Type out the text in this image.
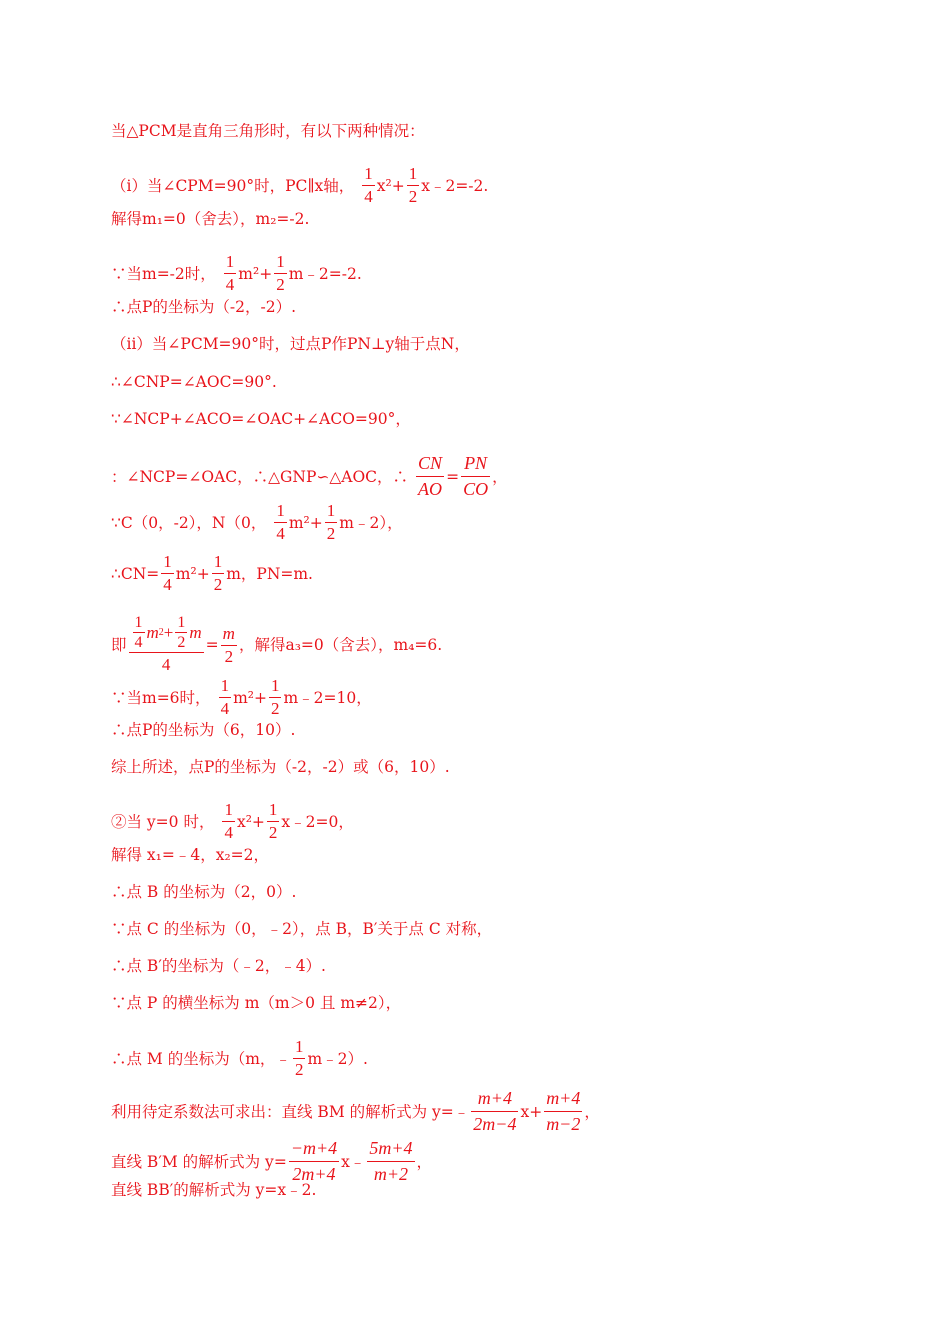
当△PCM是直角三角形时，有以下两种情况：
（i）当∠CPM=90°时，PC∥x轴， $\frac{1}{4} x^2+ \frac{1}{2}$ x﹣2=-2.
解得m₁=0（舍去），m₂=-2.
∵当m=-2时， $\frac{1}{4} m^2+ \frac{1}{2}$ m﹣2=-2.
∴点P的坐标为（-2，-2）.
（ii）当∠PCM=90°时，过点P作PN⊥y轴于点N，
∴∠CNP=∠AOC=90°.
∵∠NCP+∠ACO=∠OAC+∠ACO=90°，
：∠NCP=∠OAC，∴△GNP∽△AOC，∴ $\frac{CN}{AO} = \frac{PN}{CO}$ ，
∵C（0，-2），N（0， $\frac{1}{4} m^2+ \frac{1}{2}$ m﹣2），
∴CN= $\frac{1}{4} m^2+ \frac{1}{2}$ m，PN=m.
即 $\frac{\frac{1}{4} m 2 + \frac{1}{2} m}{4} = \frac{m}{2}$ ，解得a₃=0（含去），m₄=6.
∵当m=6时， $\frac{1}{4} m^2+ \frac{1}{2}$ m﹣2=10，
∴点P的坐标为（6，10）.
综上所述，点P的坐标为（-2，-2）或（6，10）.
②当 y=0 时， $\frac{1}{4} x^2+ \frac{1}{2}$ x﹣2=0，
解得 x₁=﹣4，x₂=2，
∴点 B 的坐标为（2，0）.
∵点 C 的坐标为（0，﹣2），点 B，B′关于点 C 对称，
∴点 B′的坐标为（﹣2，﹣4）.
∵点 P 的横坐标为 m（m＞0 且 m≠2），
∴点 M 的坐标为（m，﹣ $\frac{1}{2}$ m﹣2）.
利用待定系数法可求出：直线 BM 的解析式为 y=﹣ $\frac{m+4}{2m-4} x+ \frac{m+4}{m-2}$ ，
直线 B′M 的解析式为 $y= \frac{-m+4}{2m+4}$ x﹣ $\frac{5m+4}{m+2}$ ，
直线 BB′的解析式为 y=x﹣2.
